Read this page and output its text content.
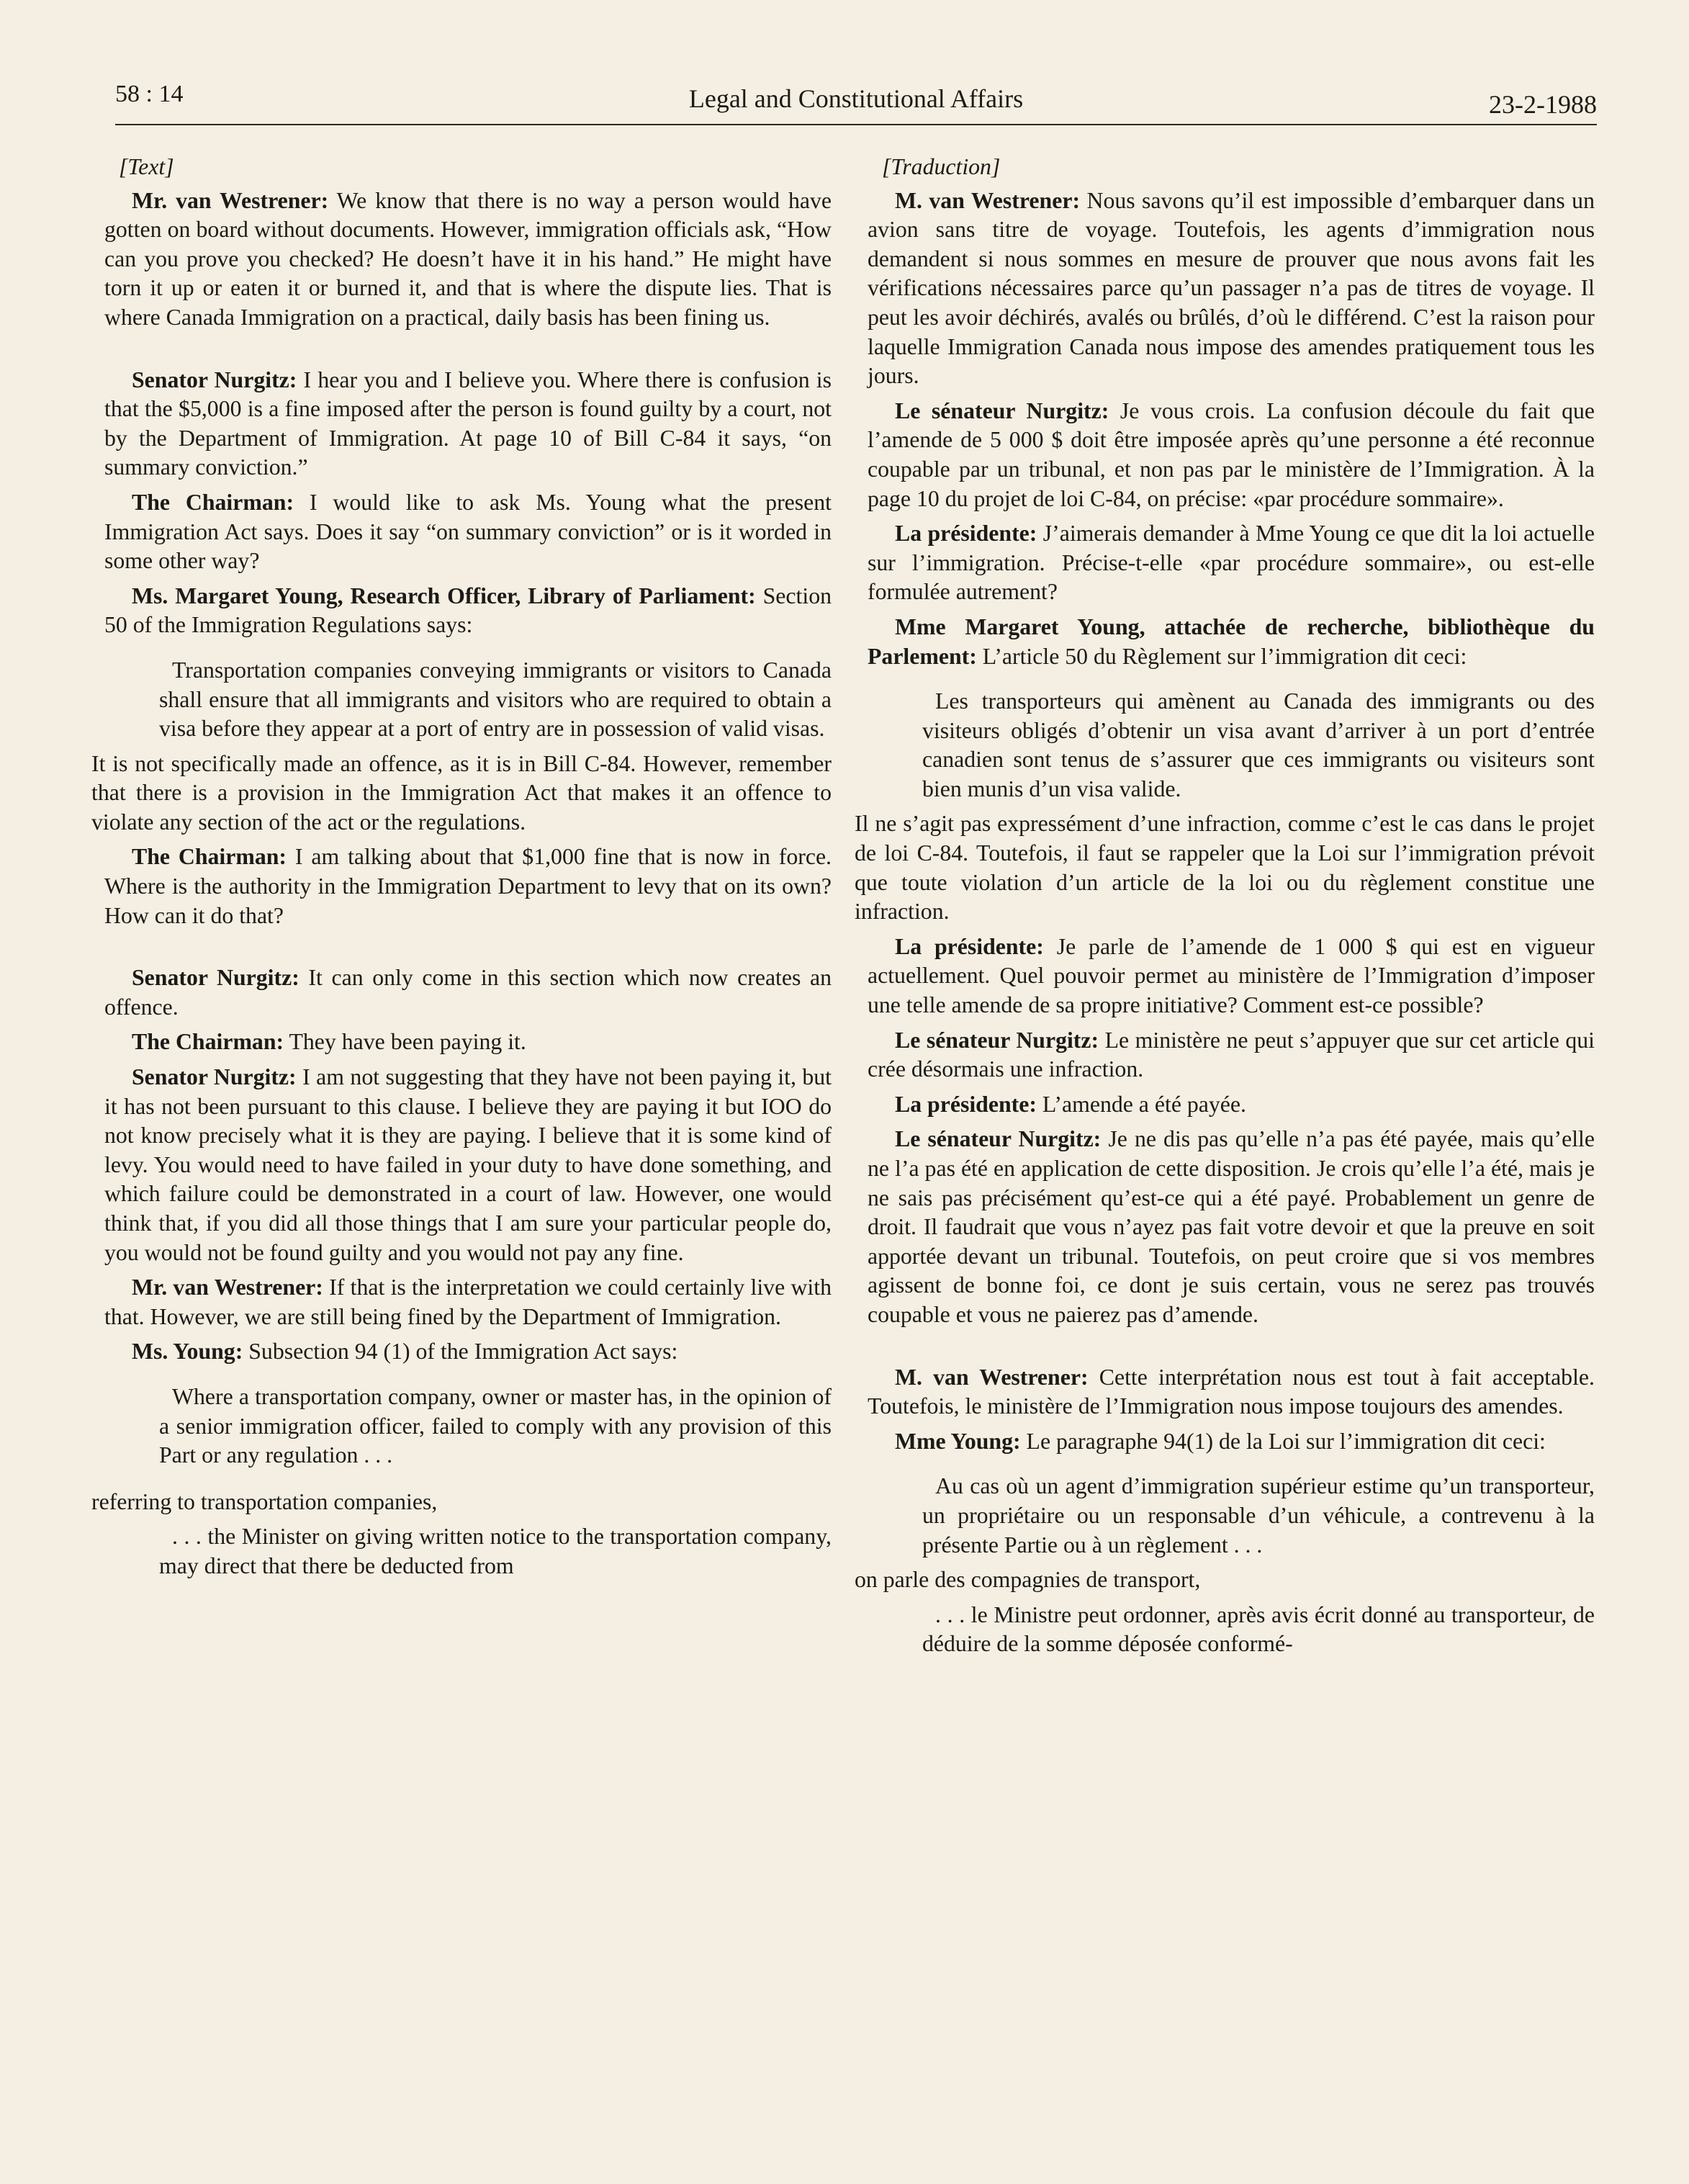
58 : 14	Legal and Constitutional Affairs	23-2-1988

[Text]

Mr. van Westrener: We know that there is no way a person would have gotten on board without documents. However, immigration officials ask, “How can you prove you checked? He doesn’t have it in his hand.” He might have torn it up or eaten it or burned it, and that is where the dispute lies. That is where Canada Immigration on a practical, daily basis has been fining us.

Senator Nurgitz: I hear you and I believe you. Where there is confusion is that the $5,000 is a fine imposed after the person is found guilty by a court, not by the Department of Immigration. At page 10 of Bill C-84 it says, “on summary conviction.”

The Chairman: I would like to ask Ms. Young what the present Immigration Act says. Does it say “on summary conviction” or is it worded in some other way?

Ms. Margaret Young, Research Officer, Library of Parliament: Section 50 of the Immigration Regulations says:

Transportation companies conveying immigrants or visitors to Canada shall ensure that all immigrants and visitors who are required to obtain a visa before they appear at a port of entry are in possession of valid visas.

It is not specifically made an offence, as it is in Bill C-84. However, remember that there is a provision in the Immigration Act that makes it an offence to violate any section of the act or the regulations.

The Chairman: I am talking about that $1,000 fine that is now in force. Where is the authority in the Immigration Department to levy that on its own? How can it do that?

Senator Nurgitz: It can only come in this section which now creates an offence.

The Chairman: They have been paying it.

Senator Nurgitz: I am not suggesting that they have not been paying it, but it has not been pursuant to this clause. I believe they are paying it but IOO do not know precisely what it is they are paying. I believe that it is some kind of levy. You would need to have failed in your duty to have done something, and which failure could be demonstrated in a court of law. However, one would think that, if you did all those things that I am sure your particular people do, you would not be found guilty and you would not pay any fine.

Mr. van Westrener: If that is the interpretation we could certainly live with that. However, we are still being fined by the Department of Immigration.

Ms. Young: Subsection 94 (1) of the Immigration Act says:

Where a transportation company, owner or master has, in the opinion of a senior immigration officer, failed to comply with any provision of this Part or any regulation . . .

referring to transportation companies,

. . . the Minister on giving written notice to the transportation company, may direct that there be deducted from

[Traduction]

M. van Westrener: Nous savons qu’il est impossible d’embarquer dans un avion sans titre de voyage. Toutefois, les agents d’immigration nous demandent si nous sommes en mesure de prouver que nous avons fait les vérifications nécessaires parce qu’un passager n’a pas de titres de voyage. Il peut les avoir déchirés, avalés ou brûlés, d’où le différend. C’est la raison pour laquelle Immigration Canada nous impose des amendes pratiquement tous les jours.

Le sénateur Nurgitz: Je vous crois. La confusion découle du fait que l’amende de 5 000 $ doit être imposée après qu’une personne a été reconnue coupable par un tribunal, et non pas par le ministère de l’Immigration. À la page 10 du projet de loi C-84, on précise: «par procédure sommaire».

La présidente: J’aimerais demander à Mme Young ce que dit la loi actuelle sur l’immigration. Précise-t-elle «par procédure sommaire», ou est-elle formulée autrement?

Mme Margaret Young, attachée de recherche, bibliothèque du Parlement: L’article 50 du Règlement sur l’immigration dit ceci:

Les transporteurs qui amènent au Canada des immigrants ou des visiteurs obligés d’obtenir un visa avant d’arriver à un port d’entrée canadien sont tenus de s’assurer que ces immigrants ou visiteurs sont bien munis d’un visa valide.

Il ne s’agit pas expressément d’une infraction, comme c’est le cas dans le projet de loi C-84. Toutefois, il faut se rappeler que la Loi sur l’immigration prévoit que toute violation d’un article de la loi ou du règlement constitue une infraction.

La présidente: Je parle de l’amende de 1 000 $ qui est en vigueur actuellement. Quel pouvoir permet au ministère de l’Immigration d’imposer une telle amende de sa propre initiative? Comment est-ce possible?

Le sénateur Nurgitz: Le ministère ne peut s’appuyer que sur cet article qui crée désormais une infraction.

La présidente: L’amende a été payée.

Le sénateur Nurgitz: Je ne dis pas qu’elle n’a pas été payée, mais qu’elle ne l’a pas été en application de cette disposition. Je crois qu’elle l’a été, mais je ne sais pas précisément qu’est-ce qui a été payé. Probablement un genre de droit. Il faudrait que vous n’ayez pas fait votre devoir et que la preuve en soit apportée devant un tribunal. Toutefois, on peut croire que si vos membres agissent de bonne foi, ce dont je suis certain, vous ne serez pas trouvés coupable et vous ne paierez pas d’amende.

M. van Westrener: Cette interprétation nous est tout à fait acceptable. Toutefois, le ministère de l’Immigration nous impose toujours des amendes.

Mme Young: Le paragraphe 94(1) de la Loi sur l’immigration dit ceci:

Au cas où un agent d’immigration supérieur estime qu’un transporteur, un propriétaire ou un responsable d’un véhicule, a contrevenu à la présente Partie ou à un règlement . . .

on parle des compagnies de transport,

. . . le Ministre peut ordonner, après avis écrit donné au transporteur, de déduire de la somme déposée conformé-
